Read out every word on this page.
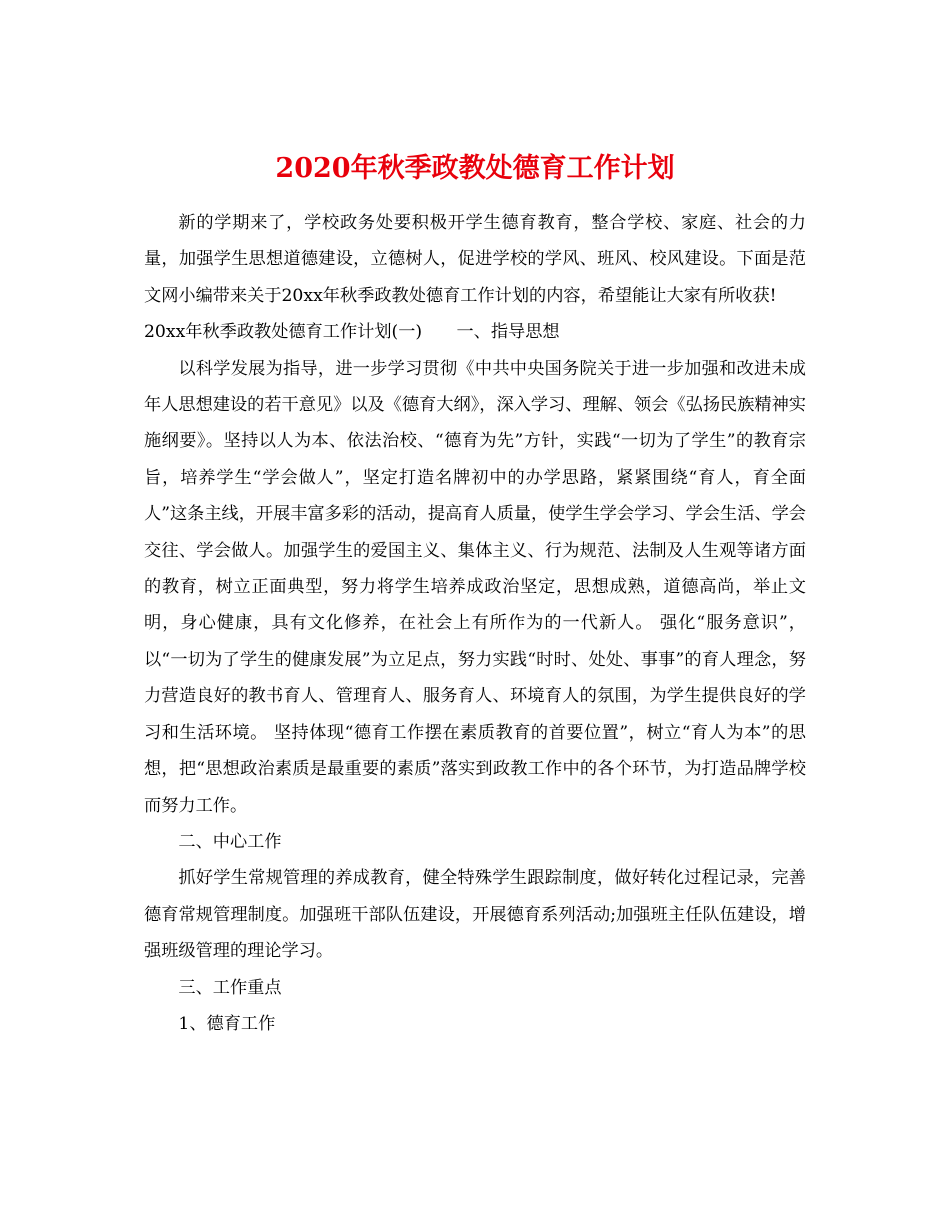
2020年秋季政教处德育工作计划

新的学期来了，学校政务处要积极开学生德育教育，整合学校、家庭、社会的力量，加强学生思想道德建设，立德树人，促进学校的学风、班风、校风建设。下面是范文网小编带来关于20xx年秋季政教处德育工作计划的内容，希望能让大家有所收获!

20xx年秋季政教处德育工作计划(一)　　一、指导思想

以科学发展为指导，进一步学习贯彻《中共中央国务院关于进一步加强和改进未成年人思想建设的若干意见》以及《德育大纲》，深入学习、理解、领会《弘扬民族精神实施纲要》。坚持以人为本、依法治校、“德育为先”方针，实践“一切为了学生”的教育宗旨，培养学生“学会做人”，坚定打造名牌初中的办学思路，紧紧围绕“育人，育全面人”这条主线，开展丰富多彩的活动，提高育人质量，使学生学会学习、学会生活、学会交往、学会做人。加强学生的爱国主义、集体主义、行为规范、法制及人生观等诸方面的教育，树立正面典型，努力将学生培养成政治坚定，思想成熟，道德高尚，举止文明，身心健康，具有文化修养，在社会上有所作为的一代新人。 强化“服务意识”，以“一切为了学生的健康发展”为立足点，努力实践“时时、处处、事事”的育人理念，努力营造良好的教书育人、管理育人、服务育人、环境育人的氛围，为学生提供良好的学习和生活环境。 坚持体现“德育工作摆在素质教育的首要位置”，树立“育人为本”的思想，把“思想政治素质是最重要的素质”落实到政教工作中的各个环节，为打造品牌学校而努力工作。

二、中心工作

抓好学生常规管理的养成教育，健全特殊学生跟踪制度，做好转化过程记录，完善德育常规管理制度。加强班干部队伍建设，开展德育系列活动;加强班主任队伍建设，增强班级管理的理论学习。

三、工作重点

1、德育工作
